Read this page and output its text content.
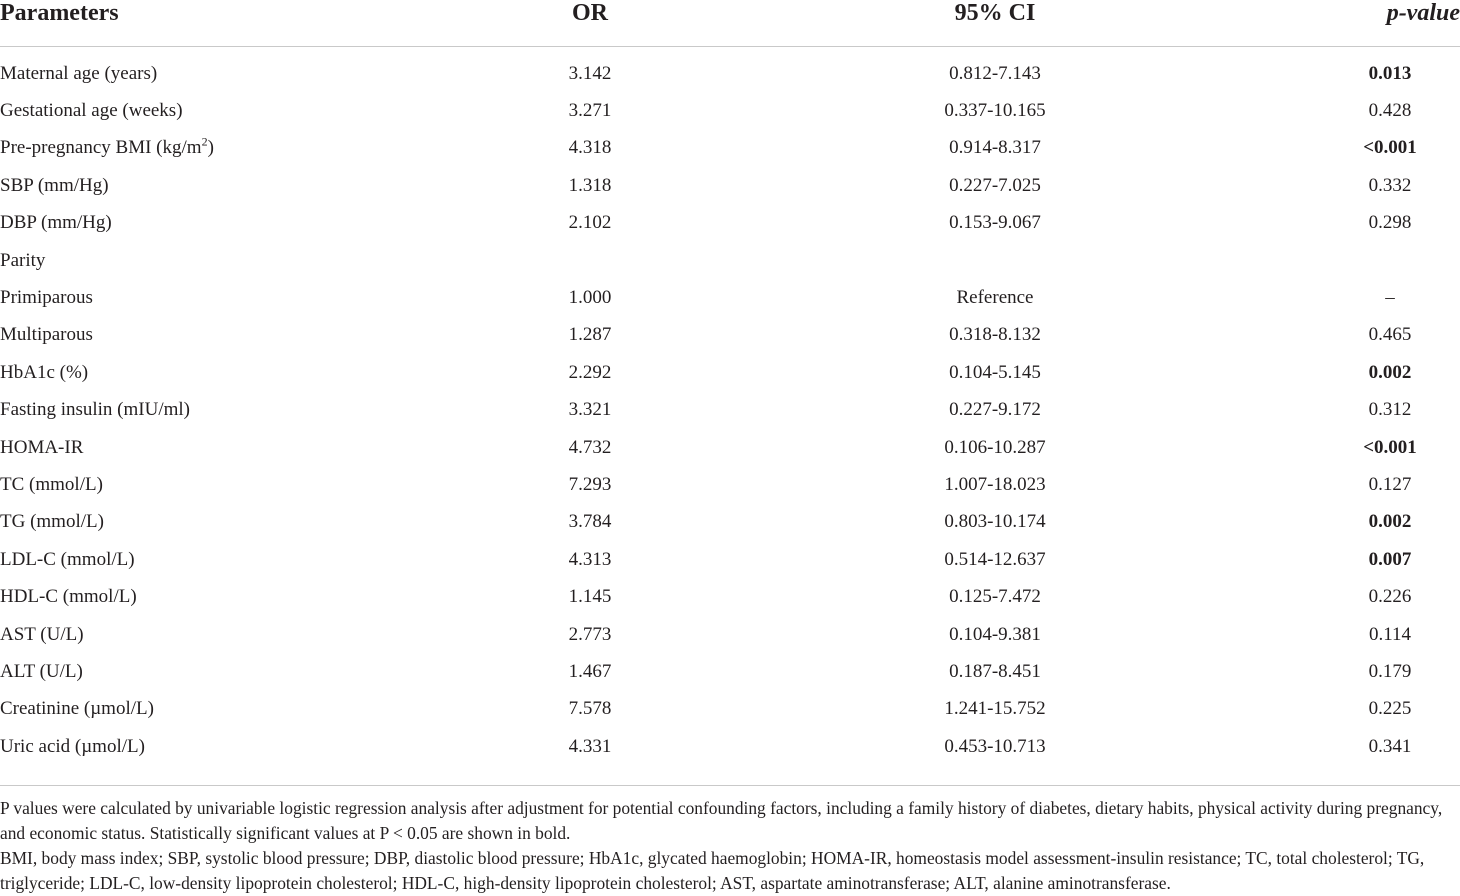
Parameters	OR	95% CI	p-value
Maternal age (years)	3.142	0.812-7.143	0.013
Gestational age (weeks)	3.271	0.337-10.165	0.428
Pre-pregnancy BMI $(kg/m^2)$	4.318	0.914-8.317	<0.001
SBP (mm/Hg)	1.318	0.227-7.025	0.332
DBP (mm/Hg)	2.102	0.153-9.067	0.298
Parity			
Primiparous	1.000	Reference	–
Multiparous	1.287	0.318-8.132	0.465
HbA1c (%)	2.292	0.104-5.145	0.002
Fasting insulin (mIU/ml)	3.321	0.227-9.172	0.312
HOMA-IR	4.732	0.106-10.287	<0.001
TC (mmol/L)	7.293	1.007-18.023	0.127
TG (mmol/L)	3.784	0.803-10.174	0.002
LDL-C (mmol/L)	4.313	0.514-12.637	0.007
HDL-C (mmol/L)	1.145	0.125-7.472	0.226
AST (U/L)	2.773	0.104-9.381	0.114
ALT (U/L)	1.467	0.187-8.451	0.179
Creatinine (µmol/L)	7.578	1.241-15.752	0.225
Uric acid (µmol/L)	4.331	0.453-10.713	0.341

P values were calculated by univariable logistic regression analysis after adjustment for potential confounding factors, including a family history of diabetes, dietary habits, physical activity during pregnancy, and economic status. Statistically significant values at P < 0.05 are shown in bold.

BMI, body mass index; SBP, systolic blood pressure; DBP, diastolic blood pressure; HbA1c, glycated haemoglobin; HOMA-IR, homeostasis model assessment-insulin resistance; TC, total cholesterol; TG, triglyceride; LDL-C, low-density lipoprotein cholesterol; HDL-C, high-density lipoprotein cholesterol; AST, aspartate aminotransferase; ALT, alanine aminotransferase.
